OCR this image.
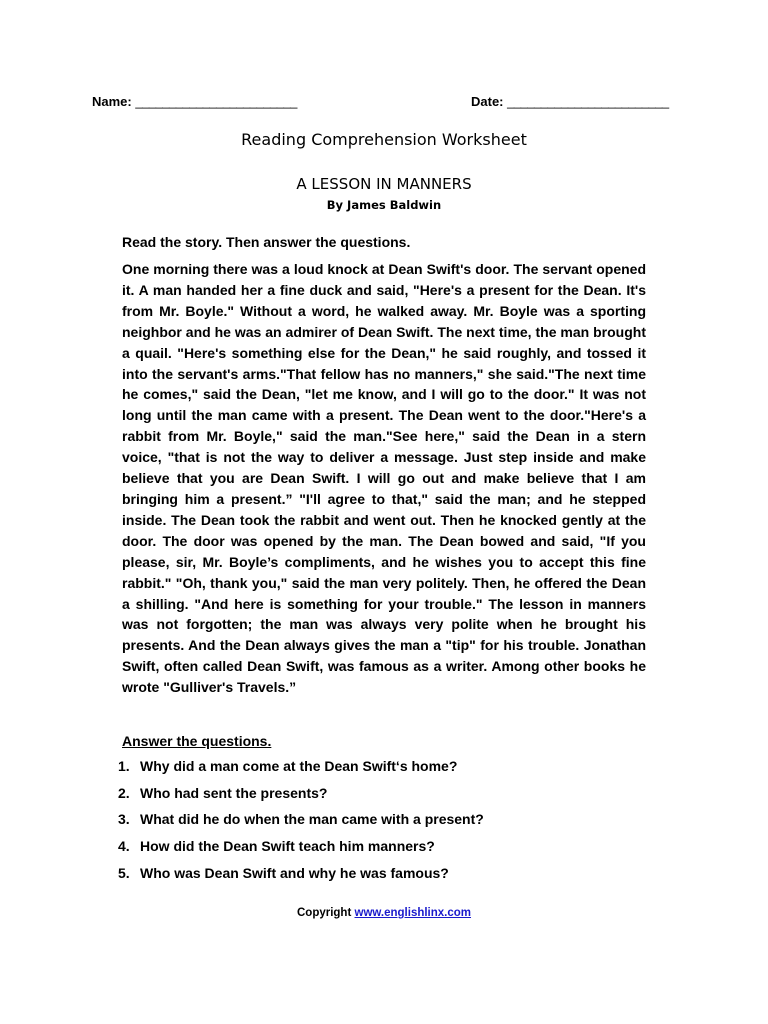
Name: ________________________	Date: ________________________
Reading Comprehension Worksheet
A LESSON IN MANNERS
By James Baldwin
Read the story. Then answer the questions.
One morning there was a loud knock at Dean Swift's door. The servant opened it. A man handed her a fine duck and said, "Here's a present for the Dean. It's from Mr. Boyle." Without a word, he walked away. Mr. Boyle was a sporting neighbor and he was an admirer of Dean Swift. The next time, the man brought a quail. "Here's something else for the Dean," he said roughly, and tossed it into the servant's arms."That fellow has no manners," she said."The next time he comes," said the Dean, "let me know, and I will go to the door." It was not long until the man came with a present. The Dean went to the door."Here's a rabbit from Mr. Boyle," said the man."See here," said the Dean in a stern voice, "that is not the way to deliver a message. Just step inside and make believe that you are Dean Swift. I will go out and make believe that I am bringing him a present.” "I'll agree to that," said the man; and he stepped inside. The Dean took the rabbit and went out. Then he knocked gently at the door. The door was opened by the man. The Dean bowed and said, "If you please, sir, Mr. Boyle’s compliments, and he wishes you to accept this fine rabbit." "Oh, thank you," said the man very politely. Then, he offered the Dean a shilling. "And here is something for your trouble." The lesson in manners was not forgotten; the man was always very polite when he brought his presents. And the Dean always gives the man a "tip" for his trouble. Jonathan Swift, often called Dean Swift, was famous as a writer. Among other books he wrote "Gulliver's Travels.”
Answer the questions.
1. Why did a man come at the Dean Swift‘s home?
2. Who had sent the presents?
3. What did he do when the man came with a present?
4. How did the Dean Swift teach him manners?
5. Who was Dean Swift and why he was famous?
Copyright www.englishlinx.com
